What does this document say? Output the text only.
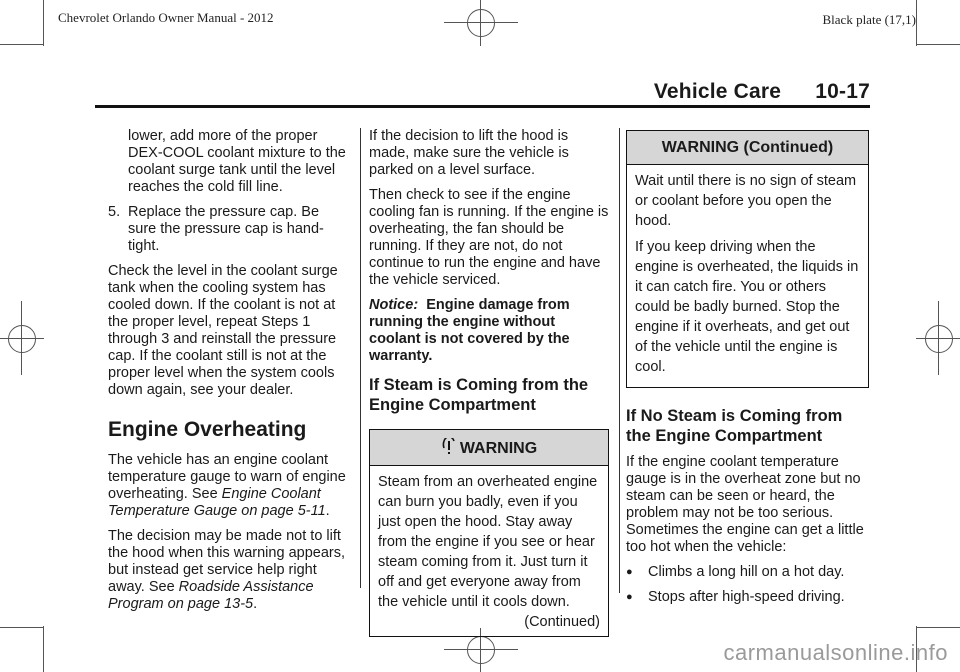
Chevrolet Orlando Owner Manual - 2012	Black plate (17,1)
Vehicle Care 10-17

lower, add more of the proper DEX-COOL coolant mixture to the coolant surge tank until the level reaches the cold fill line.

5. Replace the pressure cap. Be sure the pressure cap is hand-tight.

Check the level in the coolant surge tank when the cooling system has cooled down. If the coolant is not at the proper level, repeat Steps 1 through 3 and reinstall the pressure cap. If the coolant still is not at the proper level when the system cools down again, see your dealer.

Engine Overheating

The vehicle has an engine coolant temperature gauge to warn of engine overheating. See Engine Coolant Temperature Gauge on page 5-11.

The decision may be made not to lift the hood when this warning appears, but instead get service help right away. See Roadside Assistance Program on page 13-5.

If the decision to lift the hood is made, make sure the vehicle is parked on a level surface.

Then check to see if the engine cooling fan is running. If the engine is overheating, the fan should be running. If they are not, do not continue to run the engine and have the vehicle serviced.

Notice: Engine damage from running the engine without coolant is not covered by the warranty.

If Steam is Coming from the Engine Compartment
WARNING

Steam from an overheated engine can burn you badly, even if you just open the hood. Stay away from the engine if you see or hear steam coming from it. Just turn it off and get everyone away from the vehicle until it cools down.

(Continued)
WARNING (Continued)

Wait until there is no sign of steam or coolant before you open the hood.

If you keep driving when the engine is overheated, the liquids in it can catch fire. You or others could be badly burned. Stop the engine if it overheats, and get out of the vehicle until the engine is cool.

If No Steam is Coming from the Engine Compartment

If the engine coolant temperature gauge is in the overheat zone but no steam can be seen or heard, the problem may not be too serious. Sometimes the engine can get a little too hot when the vehicle:

●	Climbs a long hill on a hot day.
●	Stops after high-speed driving.
carmanualsonline.info
